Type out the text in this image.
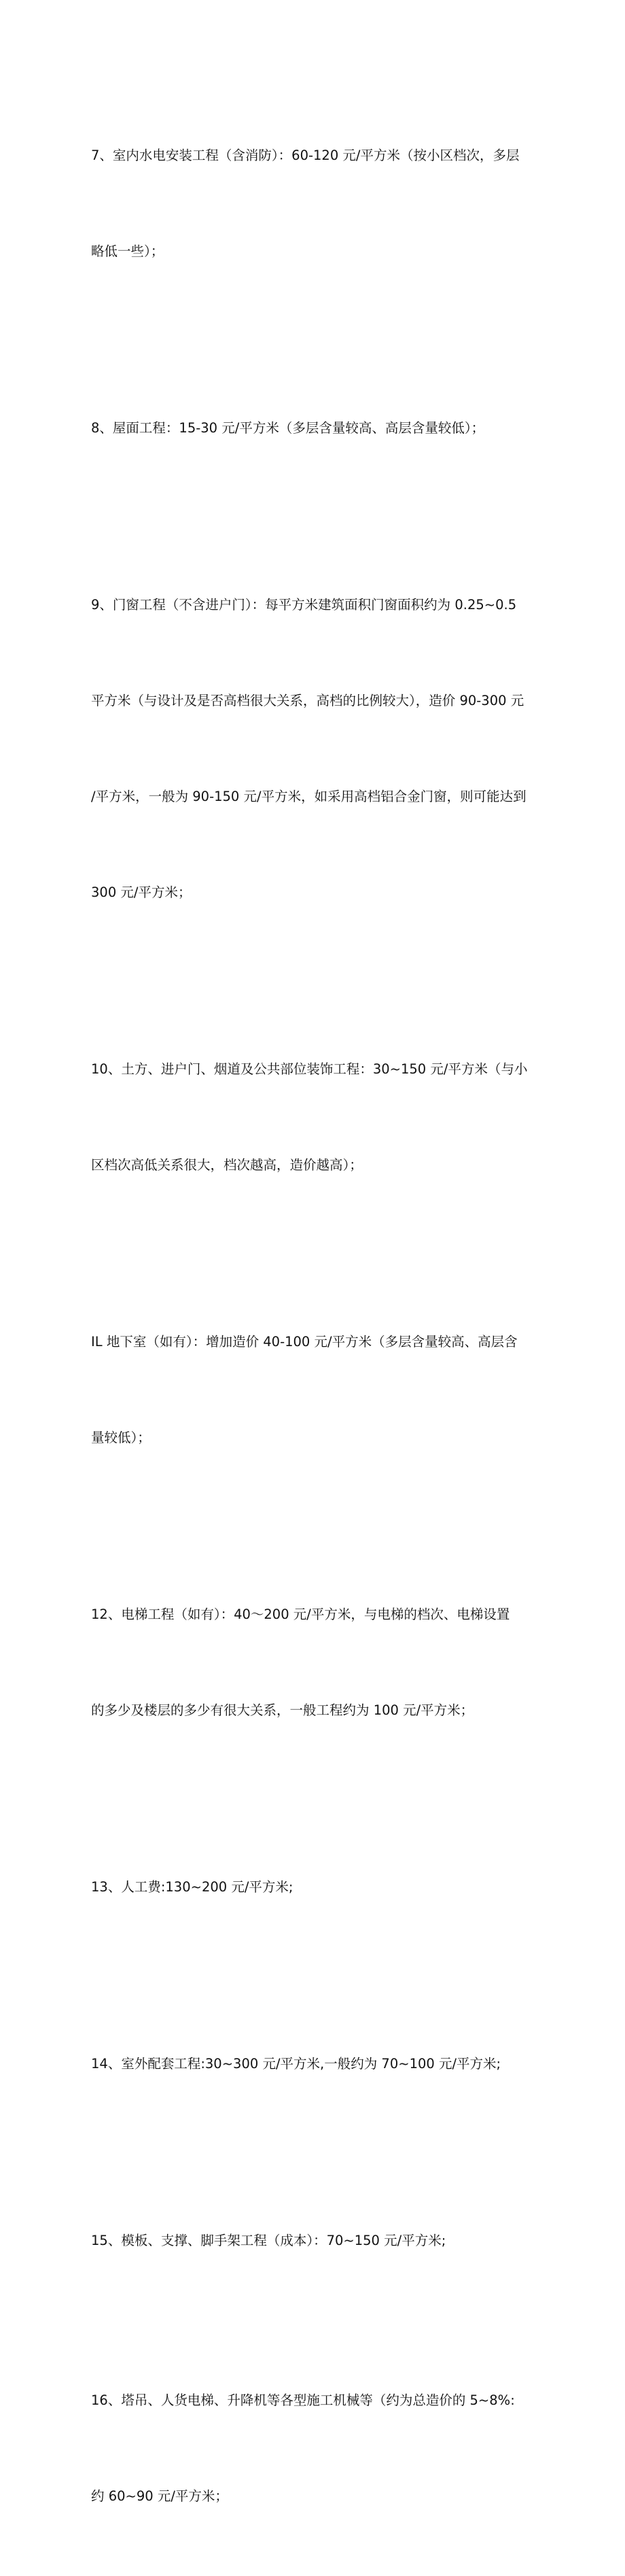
7、室内水电安装工程（含消防）：60-120 元/平方米（按小区档次，多层

略低一些）；

8、屋面工程：15-30 元/平方米（多层含量较高、高层含量较低）；

9、门窗工程（不含进户门）：每平方米建筑面积门窗面积约为 0.25~0.5

平方米（与设计及是否高档很大关系，高档的比例较大），造价 90-300 元

/平方米，一般为 90-150 元/平方米，如采用高档铝合金门窗，则可能达到

300 元/平方米；

10、土方、进户门、烟道及公共部位装饰工程：30~150 元/平方米（与小

区档次高低关系很大，档次越高，造价越高）；

IL 地下室（如有）：增加造价 40-100 元/平方米（多层含量较高、高层含

量较低）；

12、电梯工程（如有）：40～200 元/平方米，与电梯的档次、电梯设置

的多少及楼层的多少有很大关系，一般工程约为 100 元/平方米；

13、人工费:130~200 元/平方米;

14、室外配套工程:30~300 元/平方米,一般约为 70~100 元/平方米;

15、模板、支撑、脚手架工程（成本）：70~150 元/平方米;

16、塔吊、人货电梯、升降机等各型施工机械等（约为总造价的 5~8%:

约 60~90 元/平方米；
